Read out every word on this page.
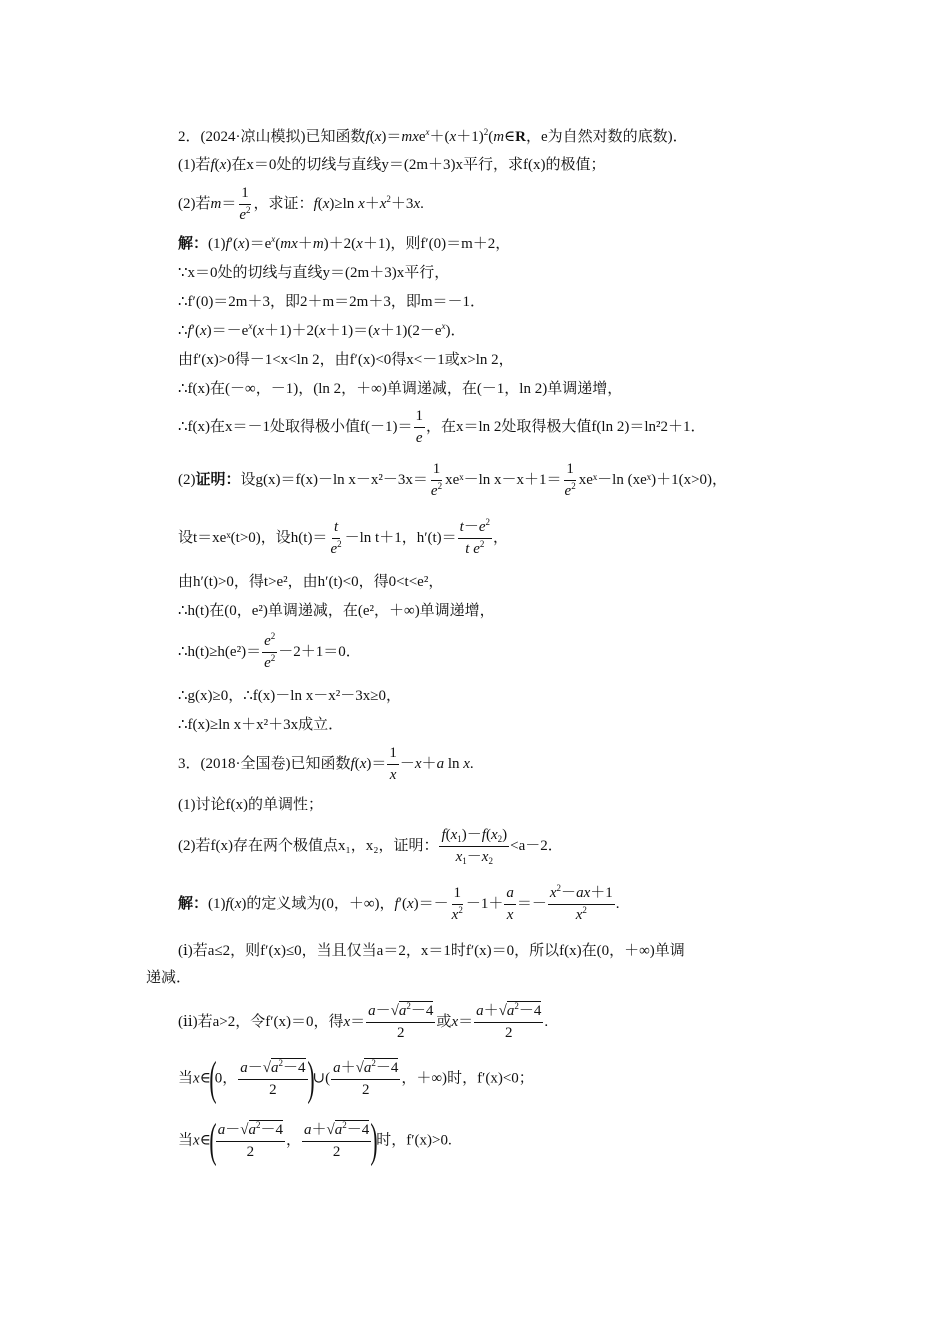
2．(2024·凉山模拟)已知函数$f(x)=mxe^x+(x+1)^2(m\in R$，e为自然对数的底数)．
(1)若f(x)在x＝0处的切线与直线y＝(2m＋3)x平行，求f(x)的极值；
(2)若$m= \frac{1}{e^2}$ ，求证：f(x)≥ln $x+x^2+3x$.
解：$(1)f'(x)=e^x(mx+m)+2(x+1)$，则f′(0)＝m＋2，
∵x＝0处的切线与直线y＝(2m＋3)x平行，
∴f′(0)＝2m＋3，即2＋m＝2m＋3，即m＝－1．
$\therefore f'(x)=-e^x(x+1)+2(x+1)=(x+1)(2-e^x)$．
由f′(x)>0得－1<x<ln 2，由f′(x)<0得x<－1或x>ln 2，
∴f(x)在(－∞，－1)，(ln 2，＋∞)单调递减，在(－1，ln 2)单调递增，
∴f(x)在x＝－1处取得极小值$f(-1)= \frac{1}{e}$ ，在x＝ln 2处取得极大值f(ln 2)＝ln²2＋1．
(2)证明：设g(x)＝f(x)－ln $x-x^2-3x= \frac{1}{e^2}$ xeˣ－ln $x-x+1= \frac{1}{e^2}$ xeˣ－ln (xeˣ)＋1(x>0)，
设t＝xeˣ(t>0)，设$h(t)= \frac{t}{e^2} -\ln$ t＋1，$h'(t)= \frac{t-e^2}{t e^2}$ ，
由h′(t)>0，得t>e²，由h′(t)<0，得0<t<e²，
∴h(t)在(0，e²)单调递减，在(e²，＋∞)单调递增，
∴h(t)≥h(e²)＝ $\frac{e^2}{e^2} -2+1=0$．
∴g(x)≥0，∴f(x)－ln x－x²－3x≥0，
∴f(x)≥ln x＋x²＋3x成立．
3．(2018·全国卷)已知函数$f(x)= \frac{1}{x} -x+a$ ln x.
(1)讨论f(x)的单调性；
(2)若f(x)存在两个极值点x₁，x₂，证明： $\frac{f(x_1)-f(x_2)}{x_1-x_2} <a-2$．
解：(1)f(x)的定义域为(0，＋∞)，$f'(x)=- \frac{1}{x^2} -1+ \frac{a}{x} =- \frac{x^2-ax+1}{x^2}$ .
(ⅰ)若a≤2，则f′(x)≤0，当且仅当a＝2，x＝1时f′(x)＝0，所以f(x)在(0，＋∞)单调
递减．
(ⅱ)若a>2，令f′(x)＝0，得$x= \frac{a-√a^2-4}{2}$ 或$x= \frac{a+√a^2-4}{2}$ .
当x∈(0， $\frac{a-√a^2-4}{2}$ )∪( $\frac{a+√a^2-4}{2}$ ，＋∞)时，f′(x)<0；
当x∈( $\frac{a-√a^2-4}{2}$ ， $\frac{a+√a^2-4}{2}$ )时，f′(x)>0.
